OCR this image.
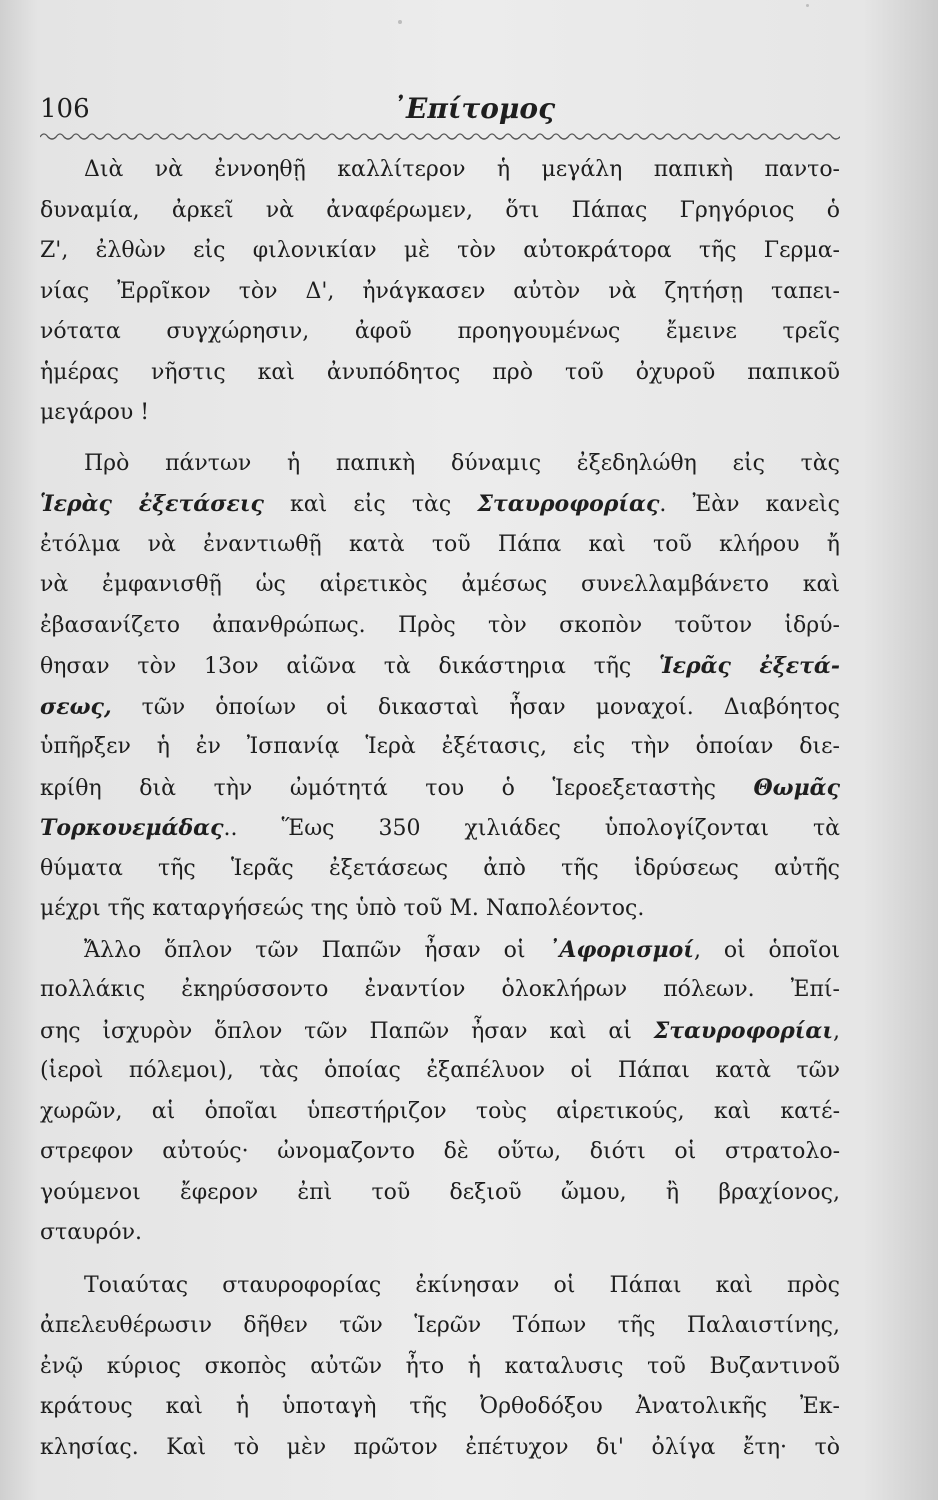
106	᾽Επίτομος
Διὰ νὰ ἐννοηθῇ καλλίτερον ἡ μεγάλη παπικὴ παντο-
δυναμία, ἀρκεῖ νὰ ἀναφέρωμεν, ὅτι Πάπας Γρηγόριος ὁ
Ζ', ἐλθὼν εἰς φιλονικίαν μὲ τὸν αὐτοκράτορα τῆς Γερμα-
νίας Ἐρρῖκον τὸν Δ', ἠνάγκασεν αὐτὸν νὰ ζητήσῃ ταπει-
νότατα συγχώρησιν, ἀφοῦ προηγουμένως ἔμεινε τρεῖς
ἡμέρας νῆστις καὶ ἀνυπόδητος πρὸ τοῦ ὀχυροῦ παπικοῦ
μεγάρου !
Πρὸ πάντων ἡ παπικὴ δύναμις ἐξεδηλώθη εἰς τὰς
Ἱερὰς ἐξετάσεις καὶ εἰς τὰς Σταυροφορίας. Ἐὰν κανεὶς
ἐτόλμα νὰ ἐναντιωθῇ κατὰ τοῦ Πάπα καὶ τοῦ κλήρου ἤ
νὰ ἐμφανισθῇ ὡς αἱρετικὸς ἀμέσως συνελλαμβάνετο καὶ
ἐβασανίζετο ἀπανθρώπως. Πρὸς τὸν σκοπὸν τοῦτον ἱδρύ-
θησαν τὸν 13ον αἰῶνα τὰ δικάστηρια τῆς Ἱερᾶς ἐξετά-
σεως, τῶν ὁποίων οἱ δικασταὶ ἦσαν μοναχοί. Διαβόητος
ὑπῆρξεν ἡ ἐν Ἰσπανίᾳ Ἱερὰ ἐξέτασις, εἰς τὴν ὁποίαν διε-
κρίθη διὰ τὴν ὠμότητά του ὁ Ἱεροεξεταστὴς Θωμᾶς
Τορκουεμάδας.. Ἕως 350 χιλιάδες ὑπολογίζονται τὰ
θύματα τῆς Ἱερᾶς ἐξετάσεως ἀπὸ τῆς ἱδρύσεως αὐτῆς
μέχρι τῆς καταργήσεώς της ὑπὸ τοῦ Μ. Ναπολέοντος.
Ἄλλο ὅπλον τῶν Παπῶν ἦσαν οἱ ᾽Αφορισμοί, οἱ ὁποῖοι
πολλάκις ἐκηρύσσοντο ἐναντίον ὁλοκλήρων πόλεων. Ἐπί-
σης ἰσχυρὸν ὅπλον τῶν Παπῶν ἦσαν καὶ αἱ Σταυροφορίαι,
(ἱεροὶ πόλεμοι), τὰς ὁποίας ἐξαπέλυον οἱ Πάπαι κατὰ τῶν
χωρῶν, αἱ ὁποῖαι ὑπεστήριζον τοὺς αἱρετικούς, καὶ κατέ-
στρεφον αὐτούς· ὠνομαζοντο δὲ οὕτω, διότι οἱ στρατολο-
γούμενοι ἔφερον ἐπὶ τοῦ δεξιοῦ ὤμου, ἢ βραχίονος,
σταυρόν.
Τοιαύτας σταυροφορίας ἐκίνησαν οἱ Πάπαι καὶ πρὸς
ἀπελευθέρωσιν δῆθεν τῶν Ἱερῶν Τόπων τῆς Παλαιστίνης,
ἐνῷ κύριος σκοπὸς αὐτῶν ἦτο ἡ καταλυσις τοῦ Βυζαντινοῦ
κράτους καὶ ἡ ὑποταγὴ τῆς Ὀρθοδόξου Ἀνατολικῆς Ἐκ-
κλησίας. Καὶ τὸ μὲν πρῶτον ἐπέτυχον δι' ὀλίγα ἔτη· τὸ
